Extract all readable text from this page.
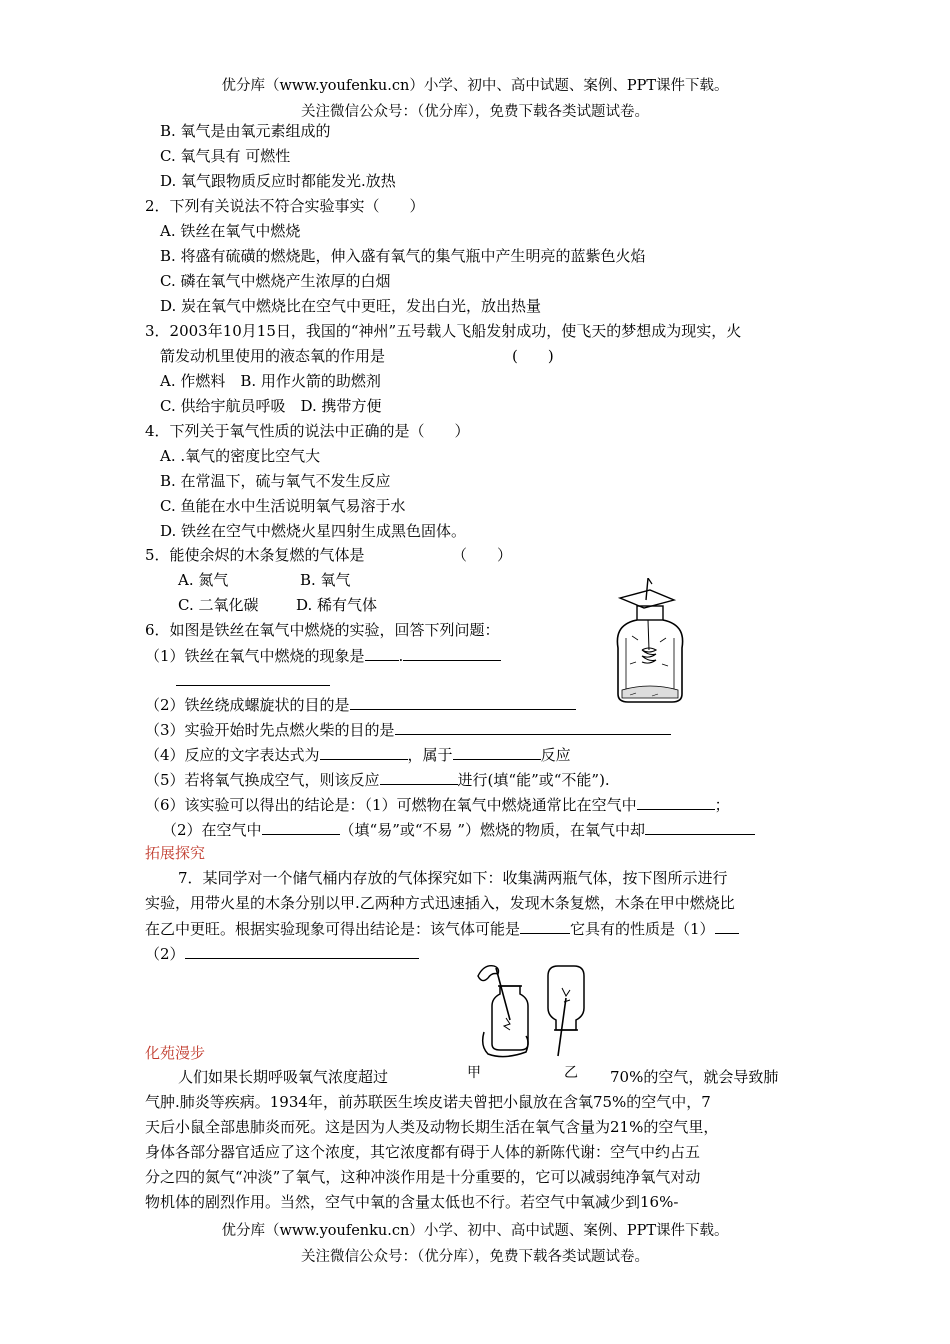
优分库（www.youfenku.cn）小学、初中、高中试题、案例、PPT课件下载。
关注微信公众号：（优分库），免费下载各类试题试卷。
B. 氧气是由氧元素组成的
C. 氧气具有 可燃性
D. 氧气跟物质反应时都能发光.放热
2．下列有关说法不符合实验事实（　　）
A. 铁丝在氧气中燃烧
B. 将盛有硫磺的燃烧匙，伸入盛有氧气的集气瓶中产生明亮的蓝紫色火焰
C. 磷在氧气中燃烧产生浓厚的白烟
D. 炭在氧气中燃烧比在空气中更旺，发出白光，放出热量
3．2003年10月15日，我国的“神州”五号载人飞船发射成功，使飞天的梦想成为现实，火
箭发动机里使用的液态氧的作用是	(　　)
A. 作燃料　B. 用作火箭的助燃剂
C. 供给宇航员呼吸　D. 携带方便
4．下列关于氧气性质的说法中正确的是（　　）
A. .氧气的密度比空气大
B. 在常温下，硫与氧气不发生反应
C. 鱼能在水中生活说明氧气易溶于水
D. 铁丝在空气中燃烧火星四射生成黑色固体。
5．能使余烬的木条复燃的气体是	（　　）
A. 氮气	B. 氧气
C. 二氧化碳	D. 稀有气体
6．如图是铁丝在氧气中燃烧的实验，回答下列问题：
（1）铁丝在氧气中燃烧的现象是 .
（2）铁丝绕成螺旋状的目的是
（3）实验开始时先点燃火柴的目的是
（4）反应的文字表达式为	，属于	反应
（5）若将氧气换成空气，则该反应	进行(填“能”或“不能”).
（6）该实验可以得出的结论是：（1）可燃物在氧气中燃烧通常比在空气中	；
（2）在空气中	（填“易”或“不易 ”）燃烧的物质，在氧气中却
拓展探究
7．某同学对一个储气桶内存放的气体探究如下：收集满两瓶气体，按下图所示进行
实验，用带火星的木条分别以甲.乙两种方式迅速插入，发现木条复燃，木条在甲中燃烧比
在乙中更旺。根据实验现象可得出结论是：该气体可能是	它具有的性质是（1）
（2）
化苑漫步
人们如果长期呼吸氧气浓度超过	甲	乙 70%的空气，就会导致肺
气肿.肺炎等疾病。1934年，前苏联医生埃皮诺夫曾把小鼠放在含氧75%的空气中，7
天后小鼠全部患肺炎而死。这是因为人类及动物长期生活在氧气含量为21%的空气里，
身体各部分器官适应了这个浓度，其它浓度都有碍于人体的新陈代谢：空气中约占五
分之四的氮气“冲淡”了氧气，这种冲淡作用是十分重要的，它可以减弱纯净氧气对动
物机体的剧烈作用。当然，空气中氧的含量太低也不行。若空气中氧减少到16%-
优分库（www.youfenku.cn）小学、初中、高中试题、案例、PPT课件下载。
关注微信公众号：（优分库），免费下载各类试题试卷。
